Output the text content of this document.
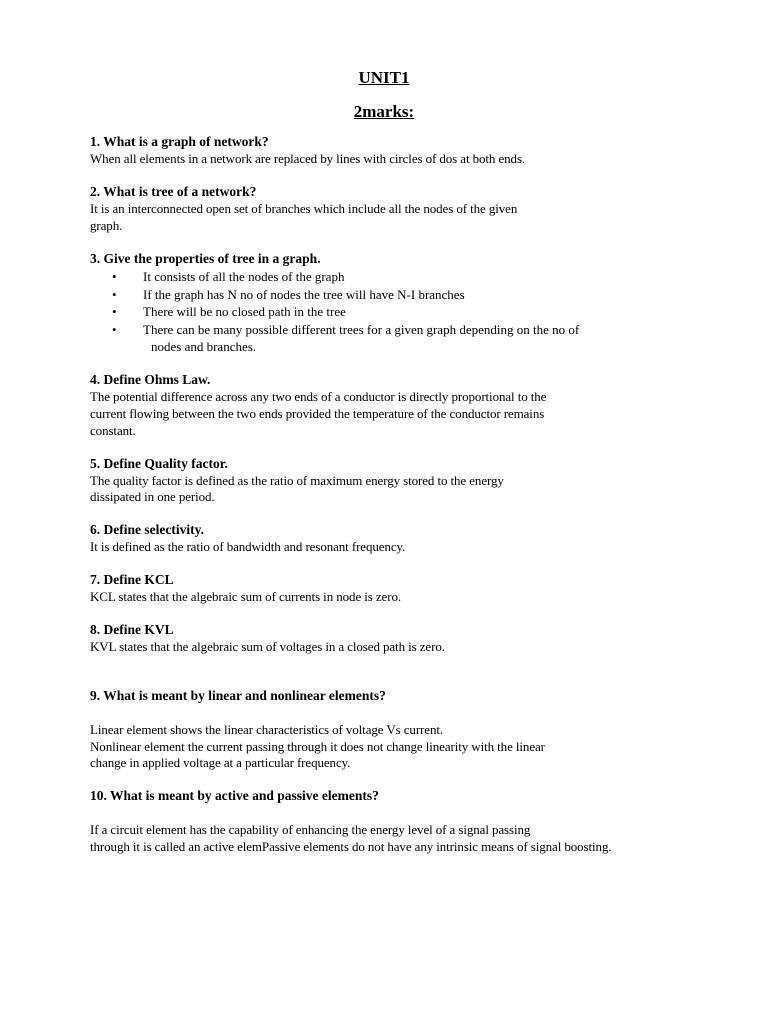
UNIT1
2marks:
1. What is a graph of network?
When all elements in a network are replaced by lines with circles of dos at both ends.
2. What is tree of a network?
It is an interconnected open set of branches which include all the nodes of the given
graph.
3. Give the properties of tree in a graph.
• It consists of all the nodes of the graph
• If the graph has N no of nodes the tree will have N-I branches
• There will be no closed path in the tree
• There can be many possible different trees for a given graph depending on the no of
nodes and branches.
4. Define Ohms Law.
The potential difference across any two ends of a conductor is directly proportional to the
current flowing between the two ends provided the temperature of the conductor remains
constant.
5. Define Quality factor.
The quality factor is defined as the ratio of maximum energy stored to the energy
dissipated in one period.
6. Define selectivity.
It is defined as the ratio of bandwidth and resonant frequency.
7. Define KCL
KCL states that the algebraic sum of currents in node is zero.
8. Define KVL
KVL states that the algebraic sum of voltages in a closed path is zero.
9. What is meant by linear and nonlinear elements?
Linear element shows the linear characteristics of voltage Vs current.
Nonlinear element the current passing through it does not change linearity with the linear
change in applied voltage at a particular frequency.
10. What is meant by active and passive elements?
If a circuit element has the capability of enhancing the energy level of a signal passing
through it is called an active elemPassive elements do not have any intrinsic means of signal boosting.
